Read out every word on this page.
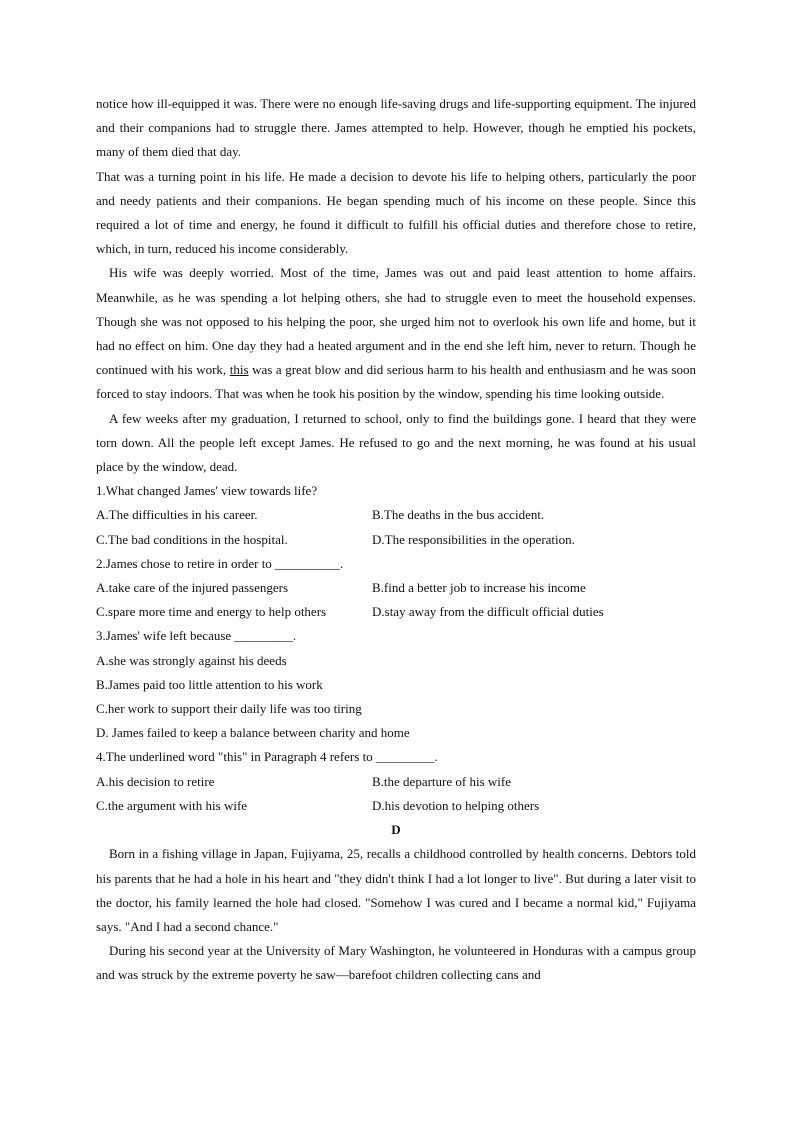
notice how ill-equipped it was. There were no enough life-saving drugs and life-supporting equipment. The injured and their companions had to struggle there. James attempted to help. However, though he emptied his pockets, many of them died that day.

That was a turning point in his life. He made a decision to devote his life to helping others, particularly the poor and needy patients and their companions. He began spending much of his income on these people. Since this required a lot of time and energy, he found it difficult to fulfill his official duties and therefore chose to retire, which, in turn, reduced his income considerably.

His wife was deeply worried. Most of the time, James was out and paid least attention to home affairs. Meanwhile, as he was spending a lot helping others, she had to struggle even to meet the household expenses. Though she was not opposed to his helping the poor, she urged him not to overlook his own life and home, but it had no effect on him. One day they had a heated argument and in the end she left him, never to return. Though he continued with his work, this was a great blow and did serious harm to his health and enthusiasm and he was soon forced to stay indoors. That was when he took his position by the window, spending his time looking outside.

A few weeks after my graduation, I returned to school, only to find the buildings gone. I heard that they were torn down. All the people left except James. He refused to go and the next morning, he was found at his usual place by the window, dead.

1.What changed James' view towards life?

A.The difficulties in his career.	B.The deaths in the bus accident.

C.The bad conditions in the hospital.	D.The responsibilities in the operation.

2.James chose to retire in order to __________.

A.take care of the injured passengers	B.find a better job to increase his income

C.spare more time and energy to help others	D.stay away from the difficult official duties

3.James' wife left because _________.

A.she was strongly against his deeds

B.James paid too little attention to his work

C.her work to support their daily life was too tiring

D. James failed to keep a balance between charity and home

4.The underlined word "this" in Paragraph 4 refers to _________.

A.his decision to retire	B.the departure of his wife

C.the argument with his wife	D.his devotion to helping others

D

Born in a fishing village in Japan, Fujiyama, 25, recalls a childhood controlled by health concerns. Debtors told his parents that he had a hole in his heart and "they didn't think I had a lot longer to live". But during a later visit to the doctor, his family learned the hole had closed. "Somehow I was cured and I became a normal kid," Fujiyama says. "And I had a second chance."

During his second year at the University of Mary Washington, he volunteered in Honduras with a campus group and was struck by the extreme poverty he saw—barefoot children collecting cans and
